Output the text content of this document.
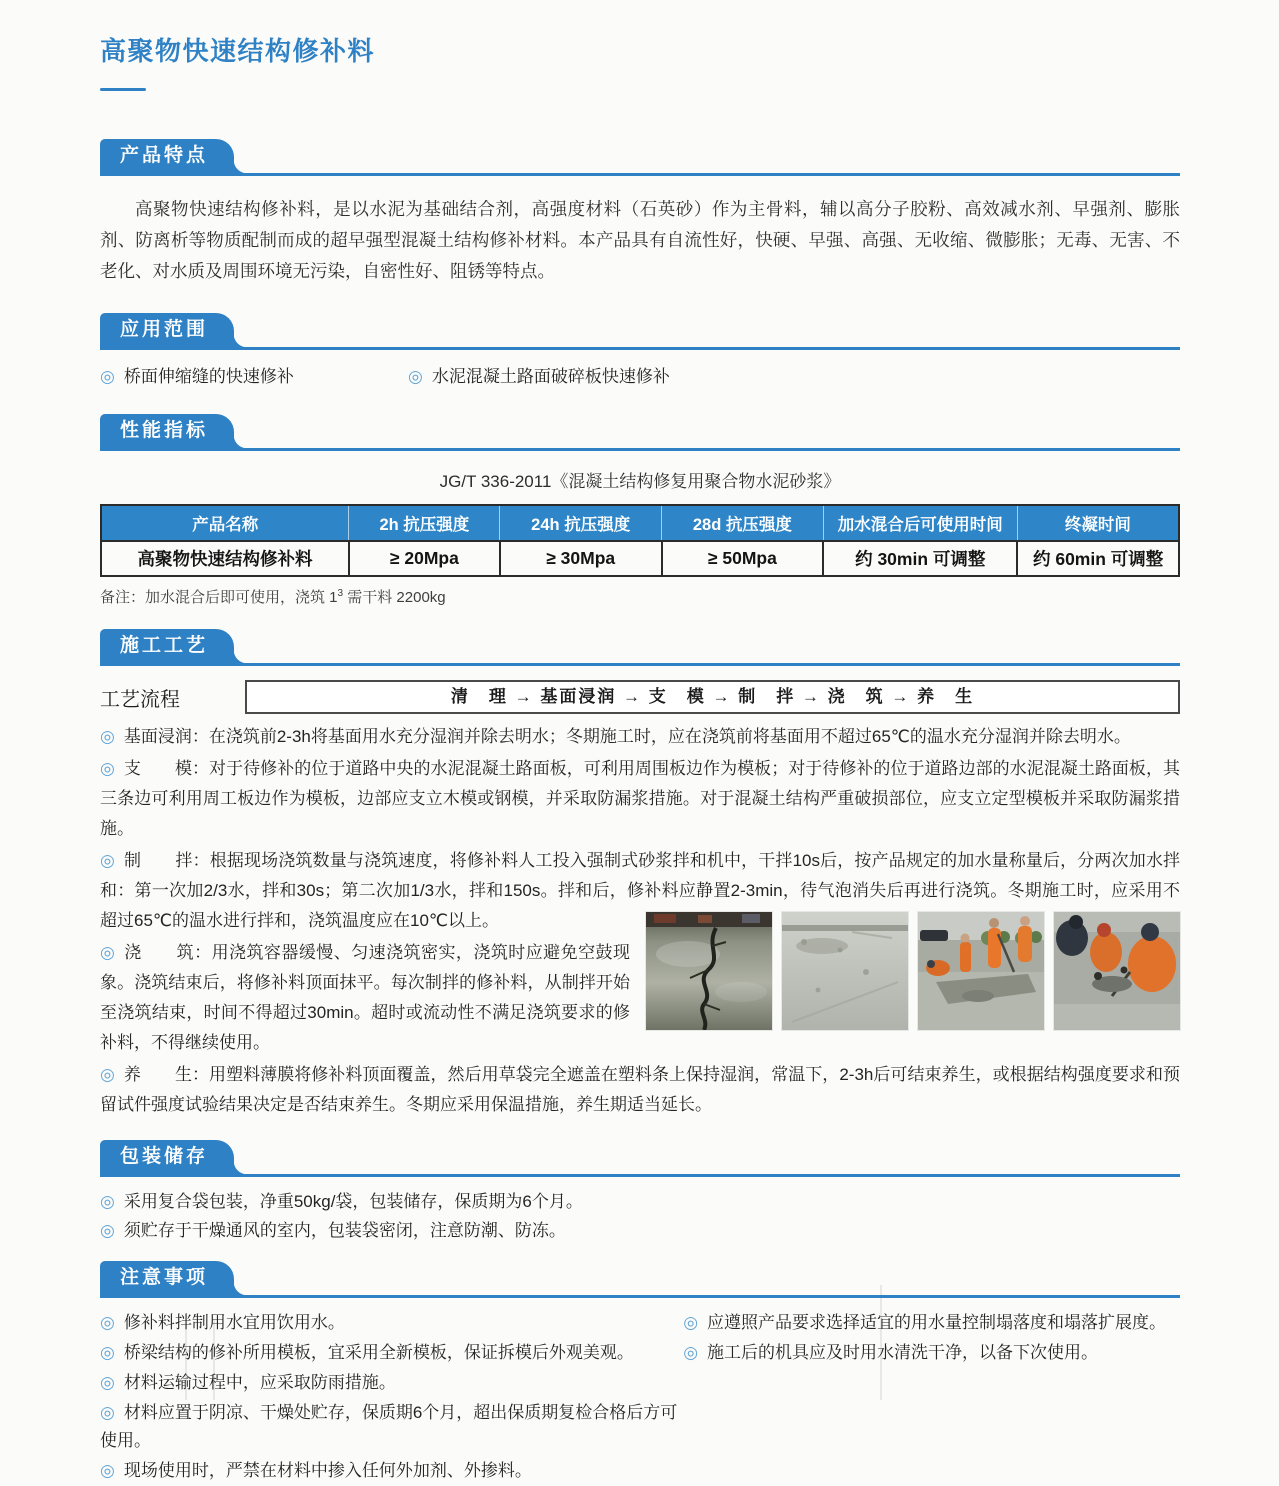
高聚物快速结构修补料
产品特点

高聚物快速结构修补料，是以水泥为基础结合剂，高强度材料（石英砂）作为主骨料，辅以高分子胶粉、高效减水剂、早强剂、膨胀剂、防离析等物质配制而成的超早强型混凝土结构修补材料。本产品具有自流性好，快硬、早强、高强、无收缩、微膨胀；无毒、无害、不老化、对水质及周围环境无污染，自密性好、阻锈等特点。

应用范围
◎ 桥面伸缩缝的快速修补	◎ 水泥混凝土路面破碎板快速修补
性能指标
JG/T 336-2011《混凝土结构修复用聚合物水泥砂浆》
产品名称	2h 抗压强度	24h 抗压强度	28d 抗压强度	加水混合后可使用时间	终凝时间
高聚物快速结构修补料	≥ 20Mpa	≥ 30Mpa	≥ 50Mpa	约 30min 可调整	约 60min 可调整
备注：加水混合后即可使用，浇筑 $1^3$ 需干料 2200kg
施工工艺
工艺流程	清　理 → 基面浸润 → 支　模 → 制　拌 → 浇　筑 → 养　生
◎ 基面浸润：在浇筑前2-3h将基面用水充分湿润并除去明水；冬期施工时，应在浇筑前将基面用不超过65℃的温水充分湿润并除去明水。
◎ 支　　模：对于待修补的位于道路中央的水泥混凝土路面板，可利用周围板边作为模板；对于待修补的位于道路边部的水泥混凝土路面板，其三条边可利用周工板边作为模板，边部应支立木模或钢模，并采取防漏浆措施。对于混凝土结构严重破损部位，应支立定型模板并采取防漏浆措施。
◎ 制　　拌：根据现场浇筑数量与浇筑速度，将修补料人工投入强制式砂浆拌和机中，干拌10s后，按产品规定的加水量称量后，分两次加水拌和：第一次加2/3水，拌和30s；第二次加1/3水，拌和150s。拌和后，修补料应静置2-3min，待气泡消失后再进行浇筑。冬期施工时，应采用不超过65℃的温水进行拌和，浇筑温度应在10℃以上。
◎ 浇　　筑：用浇筑容器缓慢、匀速浇筑密实，浇筑时应避免空鼓现象。浇筑结束后，将修补料顶面抹平。每次制拌的修补料，从制拌开始至浇筑结束，时间不得超过30min。超时或流动性不满足浇筑要求的修补料，不得继续使用。
◎ 养　　生：用塑料薄膜将修补料顶面覆盖，然后用草袋完全遮盖在塑料条上保持湿润，常温下，2-3h后可结束养生，或根据结构强度要求和预留试件强度试验结果决定是否结束养生。冬期应采用保温措施，养生期适当延长。
包装储存
◎ 采用复合袋包装，净重50kg/袋，包装储存，保质期为6个月。
◎ 须贮存于干燥通风的室内，包装袋密闭，注意防潮、防冻。
注意事项
◎ 修补料拌制用水宜用饮用水。	◎ 应遵照产品要求选择适宜的用水量控制塌落度和塌落扩展度。
◎ 桥梁结构的修补所用模板，宜采用全新模板，保证拆模后外观美观。	◎ 施工后的机具应及时用水清洗干净，以备下次使用。
◎ 材料运输过程中，应采取防雨措施。
◎ 材料应置于阴凉、干燥处贮存，保质期6个月，超出保质期复检合格后方可使用。
◎ 现场使用时，严禁在材料中掺入任何外加剂、外掺料。
